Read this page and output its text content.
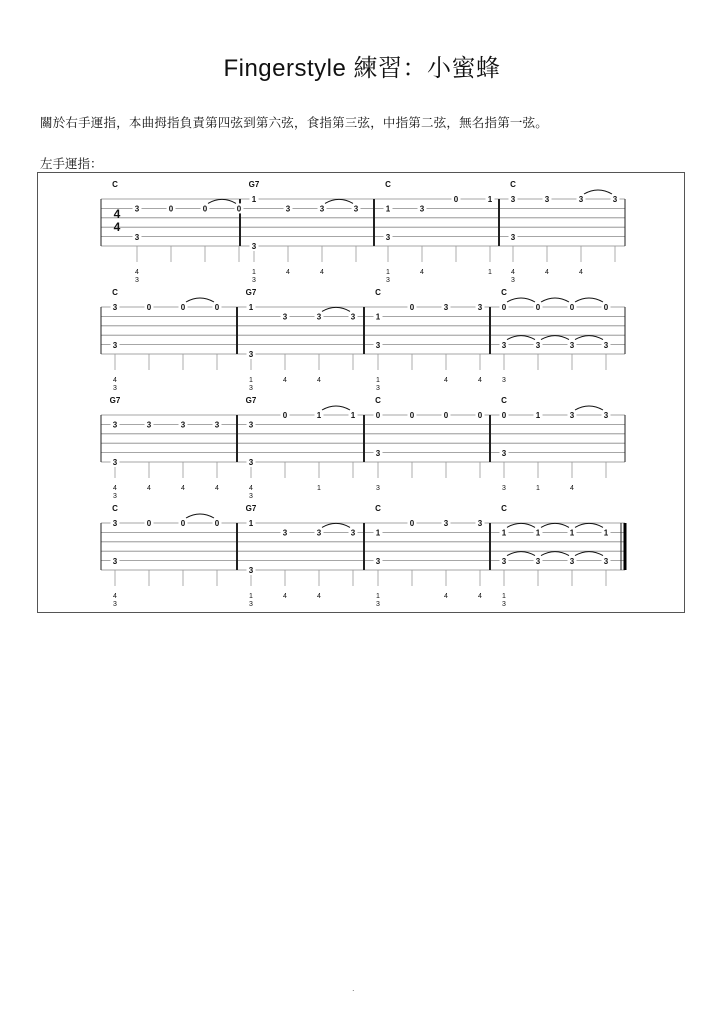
Fingerstyle 練習：小蜜蜂
關於右手運指，本曲拇指負責第四弦到第六弦，食指第三弦，中指第二弦，無名指第一弦。
左手運指：
4
4
C
3
4
3
3
0	0	0
G7
1
1
3
3
3
4
3
4
3
C
1
1
3
3
3
4
0	1
1
C
3
4
3
3
3
4
3
4
3
C
3
4
3
3
0	0	0
G7
1
1
3
3
3
4
3
4
3
C
1
1
3
3
0	3
4
3
4
C
0
3
3
0
3
0
3
0
3
G7
3
4
3
3
3
4
3
4
3
4
G7
3
4
3
3
0	1
1
1
C
0
3
3
0	0	0
C
0
3
3
1
1
3
4
3
C
3
4
3
3
0	0	0
G7
1
1
3
3
3
4
3
4
3
C
1
1
3
3
0	3
4
3
4
C
1
1
3
3
1
3
1
3
1
3
.
